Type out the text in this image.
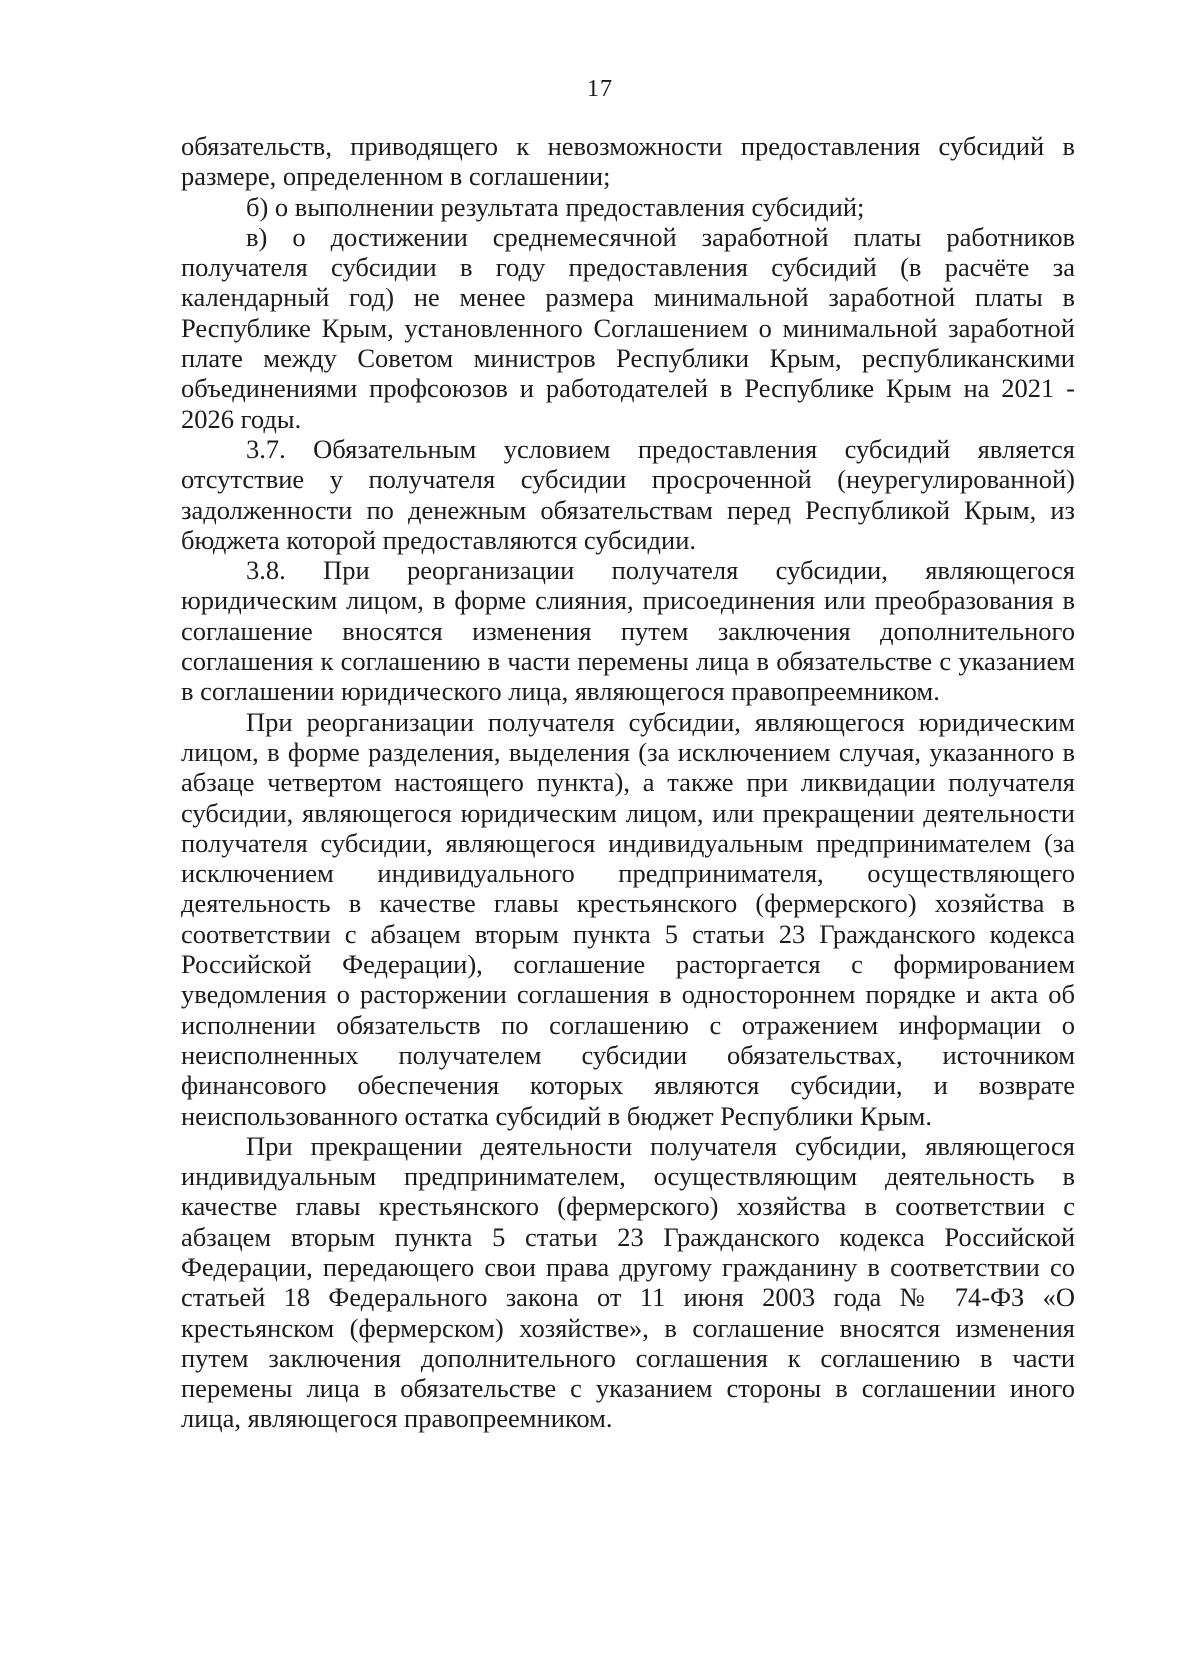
17

обязательств, приводящего к невозможности предоставления субсидий в размере, определенном в соглашении;

б) о выполнении результата предоставления субсидий;

в) о достижении среднемесячной заработной платы работников получателя субсидии в году предоставления субсидий (в расчёте за календарный год) не менее размера минимальной заработной платы в Республике Крым, установленного Соглашением о минимальной заработной плате между Советом министров Республики Крым, республиканскими объединениями профсоюзов и работодателей в Республике Крым на 2021 - 2026 годы.

3.7. Обязательным условием предоставления субсидий является отсутствие у получателя субсидии просроченной (неурегулированной) задолженности по денежным обязательствам перед Республикой Крым, из бюджета которой предоставляются субсидии.

3.8. При реорганизации получателя субсидии, являющегося юридическим лицом, в форме слияния, присоединения или преобразования в соглашение вносятся изменения путем заключения дополнительного соглашения к соглашению в части перемены лица в обязательстве с указанием в соглашении юридического лица, являющегося правопреемником.

При реорганизации получателя субсидии, являющегося юридическим лицом, в форме разделения, выделения (за исключением случая, указанного в абзаце четвертом настоящего пункта), а также при ликвидации получателя субсидии, являющегося юридическим лицом, или прекращении деятельности получателя субсидии, являющегося индивидуальным предпринимателем (за исключением индивидуального предпринимателя, осуществляющего деятельность в качестве главы крестьянского (фермерского) хозяйства в соответствии с абзацем вторым пункта 5 статьи 23 Гражданского кодекса Российской Федерации), соглашение расторгается с формированием уведомления о расторжении соглашения в одностороннем порядке и акта об исполнении обязательств по соглашению с отражением информации о неисполненных получателем субсидии обязательствах, источником финансового обеспечения которых являются субсидии, и возврате неиспользованного остатка субсидий в бюджет Республики Крым.

При прекращении деятельности получателя субсидии, являющегося индивидуальным предпринимателем, осуществляющим деятельность в качестве главы крестьянского (фермерского) хозяйства в соответствии с абзацем вторым пункта 5 статьи 23 Гражданского кодекса Российской Федерации, передающего свои права другому гражданину в соответствии со статьей 18 Федерального закона от 11 июня 2003 года № 74-ФЗ «О крестьянском (фермерском) хозяйстве», в соглашение вносятся изменения путем заключения дополнительного соглашения к соглашению в части перемены лица в обязательстве с указанием стороны в соглашении иного лица, являющегося правопреемником.
